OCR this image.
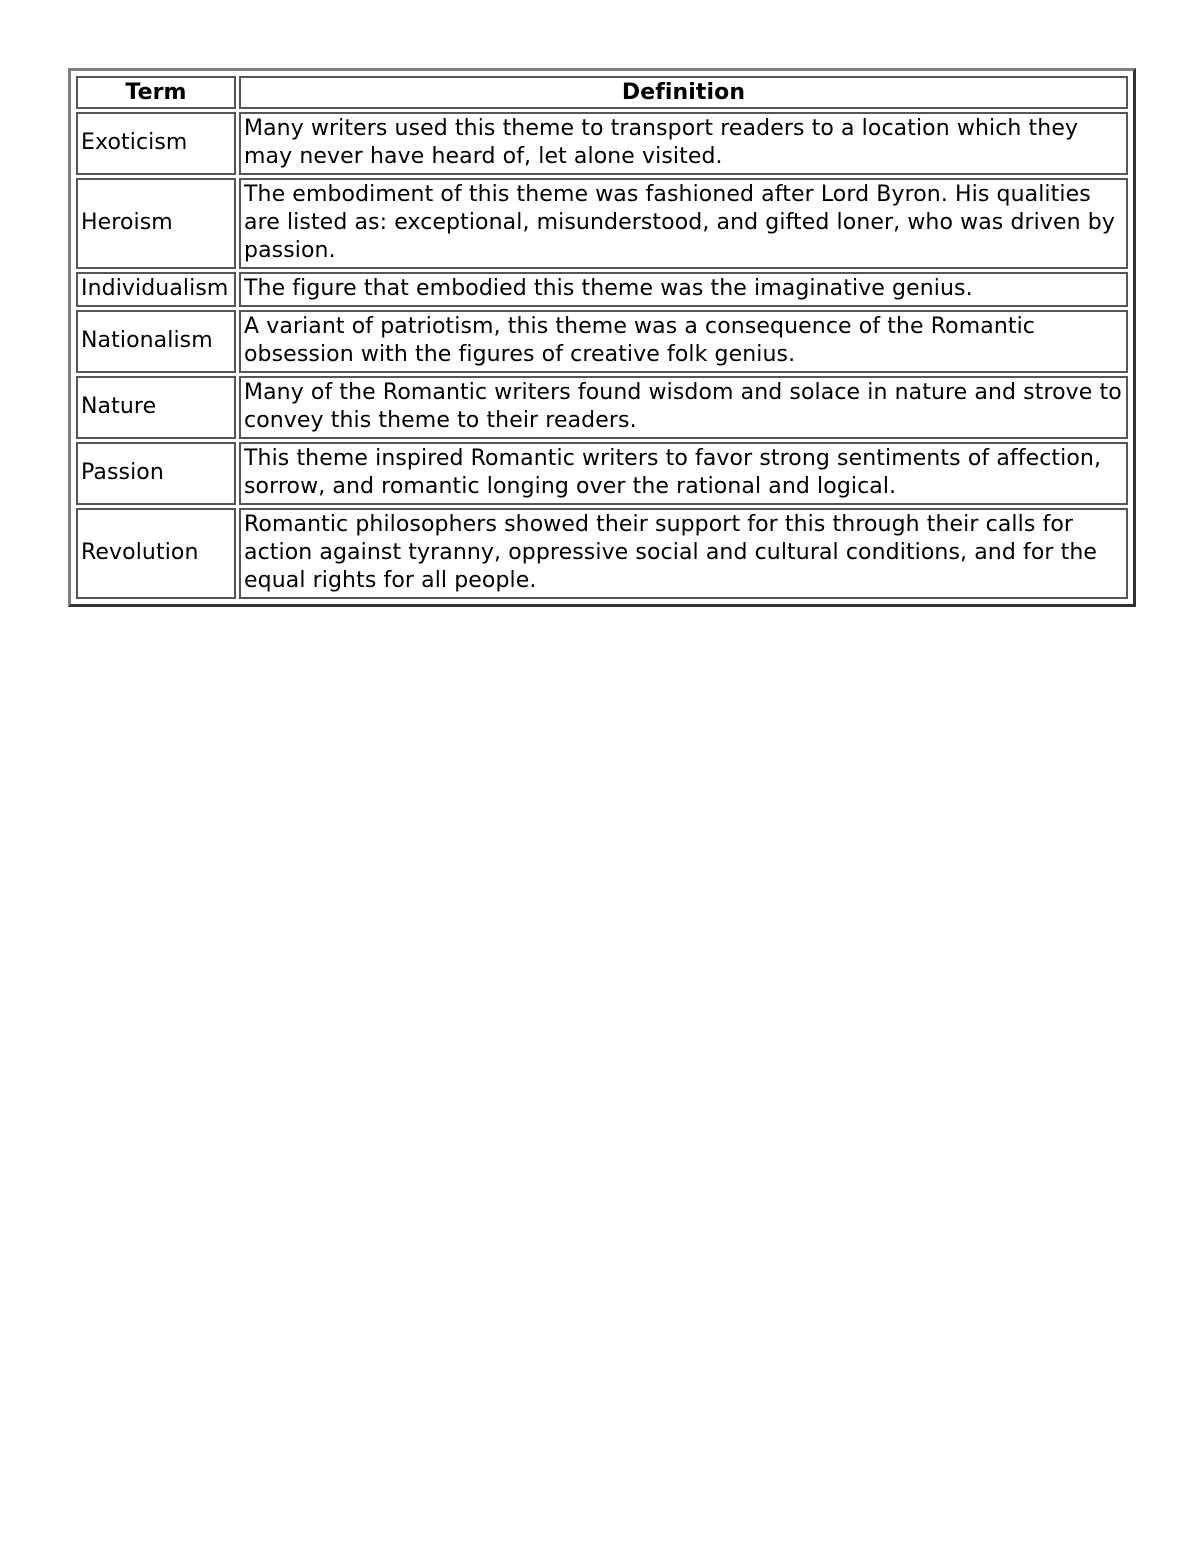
Term	Definition
Exoticism	Many writers used this theme to transport readers to a location which they may never have heard of, let alone visited.
Heroism	The embodiment of this theme was fashioned after Lord Byron. His qualities are listed as: exceptional, misunderstood, and gifted loner, who was driven by passion.
Individualism	The figure that embodied this theme was the imaginative genius.
Nationalism	A variant of patriotism, this theme was a consequence of the Romantic obsession with the figures of creative folk genius.
Nature	Many of the Romantic writers found wisdom and solace in nature and strove to convey this theme to their readers.
Passion	This theme inspired Romantic writers to favor strong sentiments of affection, sorrow, and romantic longing over the rational and logical.
Revolution	Romantic philosophers showed their support for this through their calls for action against tyranny, oppressive social and cultural conditions, and for the equal rights for all people.
